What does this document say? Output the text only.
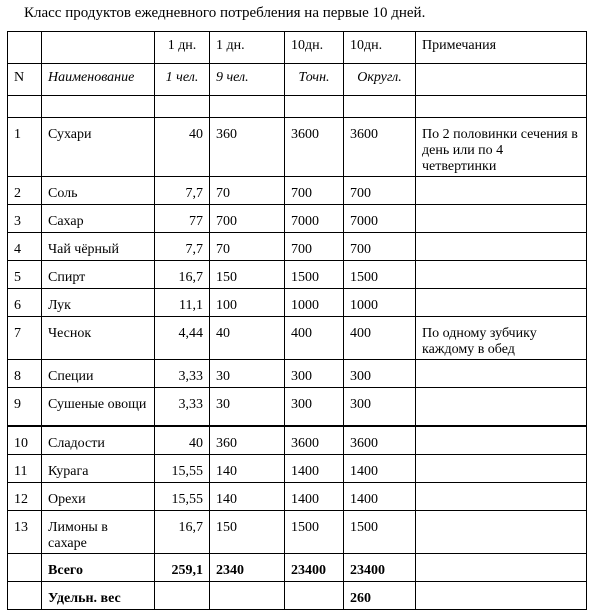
Класс продуктов ежедневного потребления на первые 10 дней.
		1 дн.	1 дн.	10дн.	10дн.	Примечания
N	Наименование	1 чел.	9 чел.	Точн.	Округл.	

1	Сухари	40	360	3600	3600	По 2 половинки сечения в день или по 4 четвертинки
2	Соль	7,7	70	700	700	
3	Сахар	77	700	7000	7000	
4	Чай чёрный	7,7	70	700	700	
5	Спирт	16,7	150	1500	1500	
6	Лук	11,1	100	1000	1000	
7	Чеснок	4,44	40	400	400	По одному зубчику каждому в обед
8	Специи	3,33	30	300	300	
9	Сушеные овощи	3,33	30	300	300	
10	Сладости	40	360	3600	3600	
11	Курага	15,55	140	1400	1400	
12	Орехи	15,55	140	1400	1400	
13	Лимоны в сахаре	16,7	150	1500	1500	
	Всего	259,1	2340	23400	23400	
	Удельн. вес				260	
